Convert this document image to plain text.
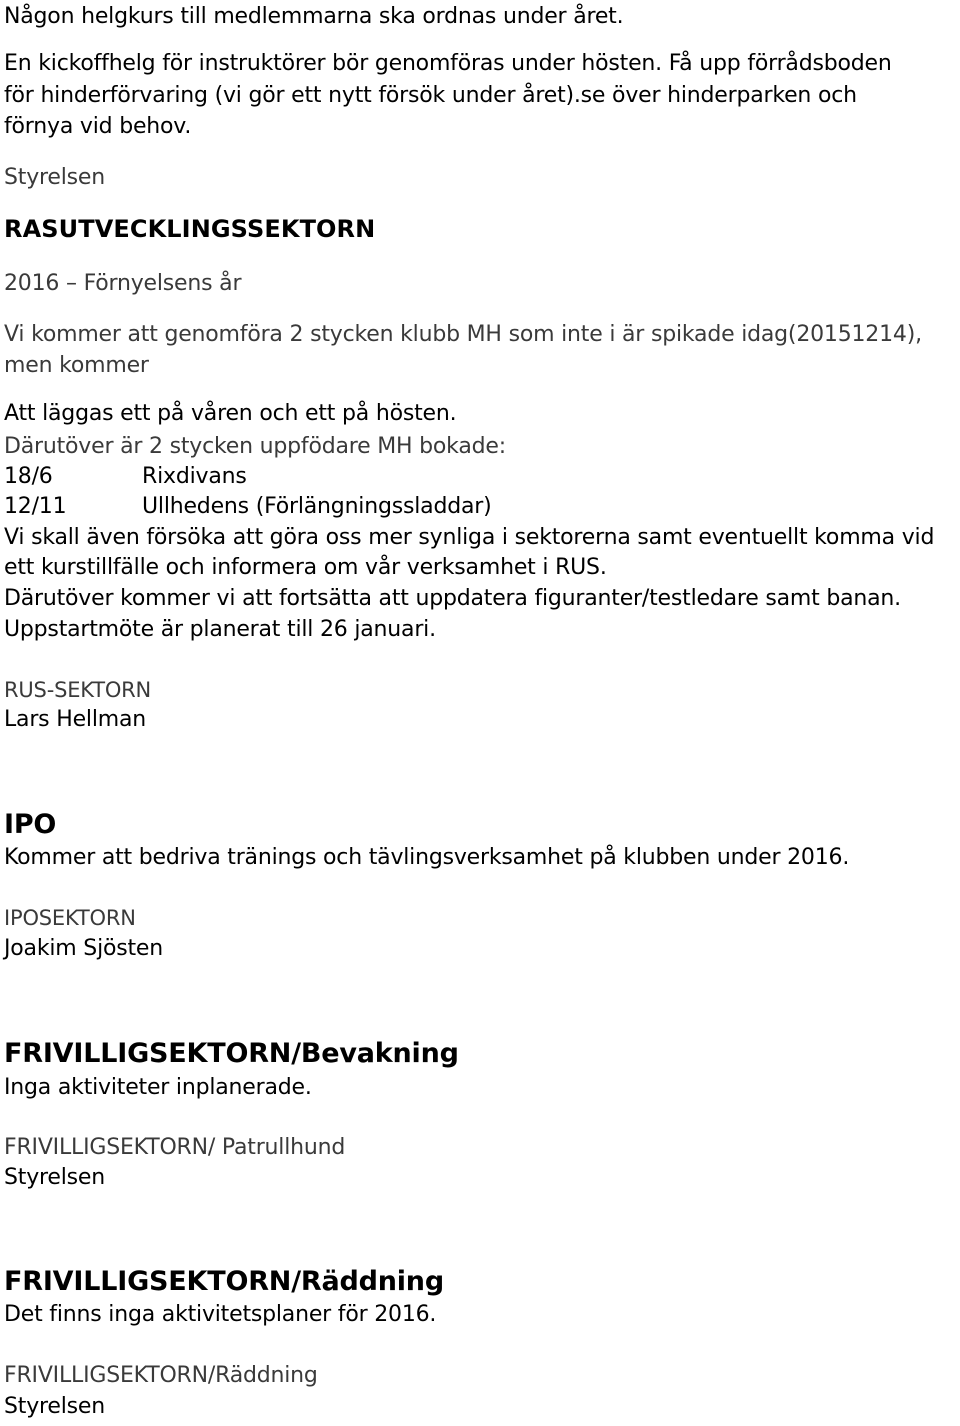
Någon helgkurs till medlemmarna ska ordnas under året.
En kickoffhelg för instruktörer bör genomföras under hösten. Få upp förrådsboden
för hinderförvaring (vi gör ett nytt försök under året).se över hinderparken och
förnya vid behov.
Styrelsen
RASUTVECKLINGSSEKTORN
2016 – Förnyelsens år
Vi kommer att genomföra 2 stycken klubb MH som inte i är spikade idag(20151214),
men kommer
Att läggas ett på våren och ett på hösten.
Därutöver är 2 stycken uppfödare MH bokade:
18/6	Rixdivans
12/11	Ullhedens (Förlängningssladdar)
Vi skall även försöka att göra oss mer synliga i sektorerna samt eventuellt komma vid
ett kurstillfälle och informera om vår verksamhet i RUS.
Därutöver kommer vi att fortsätta att uppdatera figuranter/testledare samt banan.
Uppstartmöte är planerat till 26 januari.
RUS-SEKTORN
Lars Hellman
IPO
Kommer att bedriva tränings och tävlingsverksamhet på klubben under 2016.
IPOSEKTORN
Joakim Sjösten
FRIVILLIGSEKTORN/Bevakning
Inga aktiviteter inplanerade.
FRIVILLIGSEKTORN/ Patrullhund
Styrelsen
FRIVILLIGSEKTORN/Räddning
Det finns inga aktivitetsplaner för 2016.
FRIVILLIGSEKTORN/Räddning
Styrelsen
